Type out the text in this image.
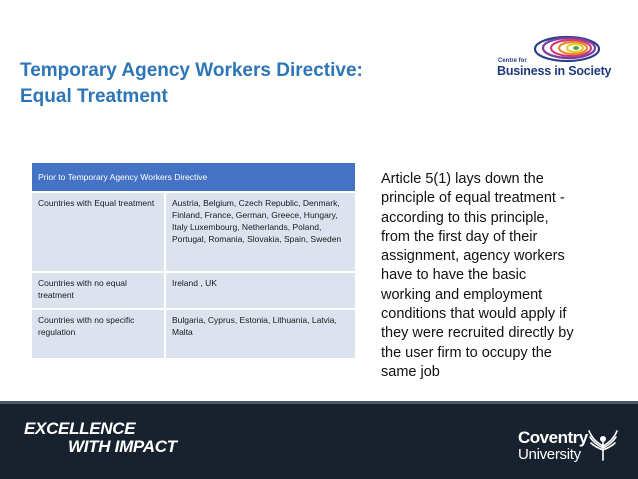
Temporary Agency Workers Directive:
Equal Treatment
Centre for
Business in Society
Prior to Temporary Agency Workers Directive	
Countries with Equal treatment	Austria, Belgium, Czech Republic, Denmark, Finland, France, German, Greece, Hungary, Italy Luxembourg, Netherlands, Poland, Portugal, Romania, Slovakia, Spain, Sweden
Countries with no equal treatment	Ireland , UK
Countries with no specific regulation	Bulgaria, Cyprus, Estonia, Lithuania, Latvia, Malta
Article 5(1) lays down the
principle of equal treatment -
according to this principle,
from the first day of their
assignment, agency workers
have to have the basic
working and employment
conditions that would apply if
they were recruited directly by
the user firm to occupy the
same job
EXCELLENCE
WITH IMPACT	Coventry
University
